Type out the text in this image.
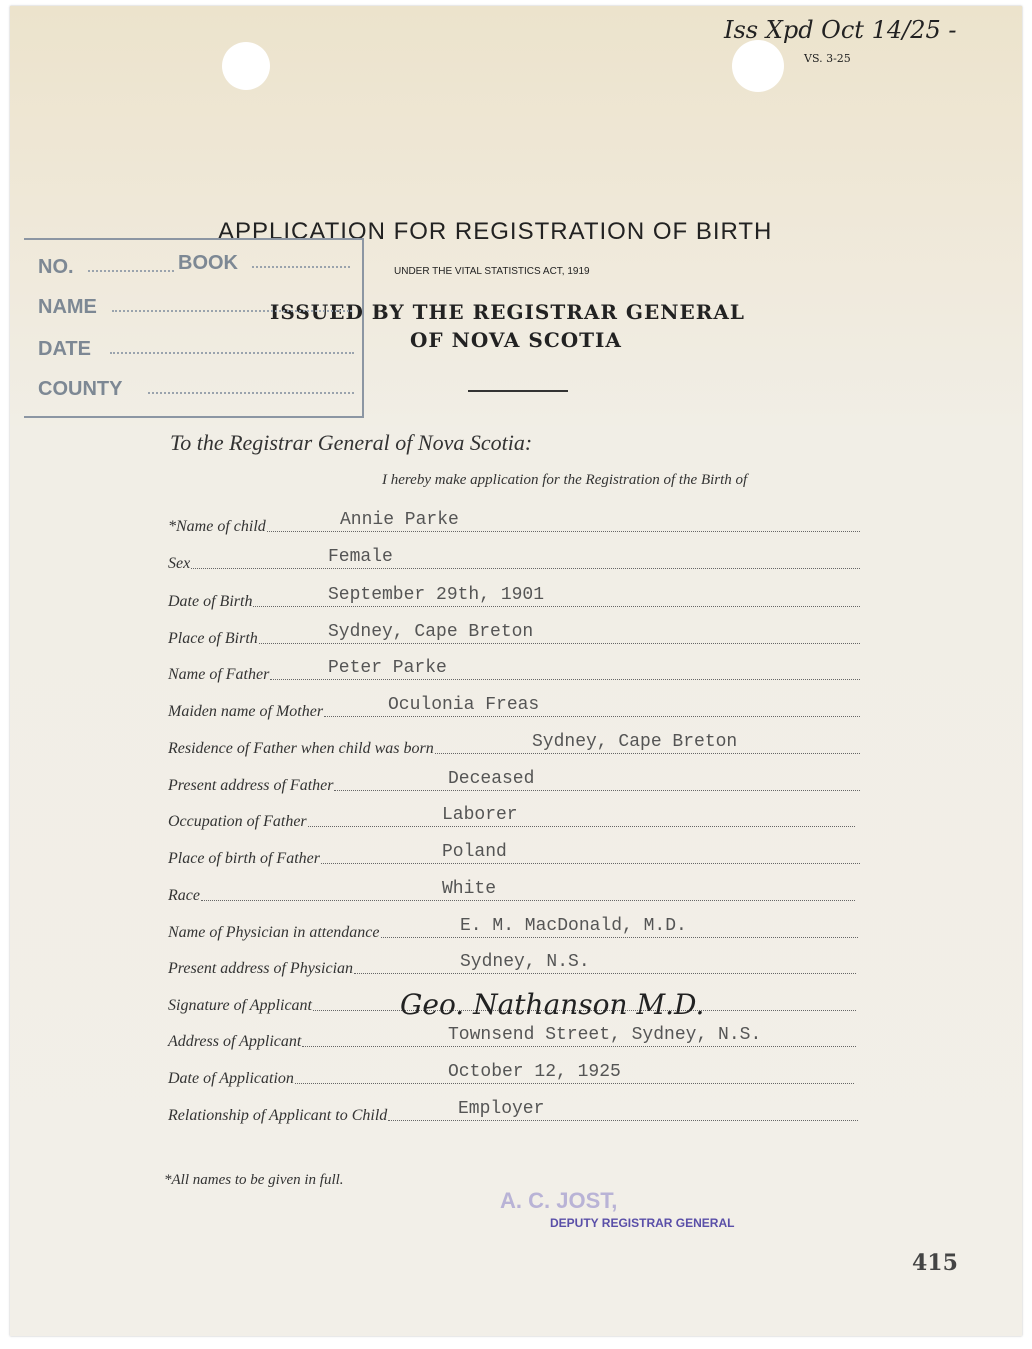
Iss Xpd Oct 14/25 -
VS. 3-25
APPLICATION FOR REGISTRATION OF BIRTH
UNDER THE VITAL STATISTICS ACT, 1919
ISSUED BY THE REGISTRAR GENERAL
OF NOVA SCOTIA
NO.	BOOK
NAME
DATE
COUNTY
To the Registrar General of Nova Scotia:
I hereby make application for the Registration of the Birth of
*Name of child	Annie Parke
Sex	Female
Date of Birth	September 29th, 1901
Place of Birth	Sydney, Cape Breton
Name of Father	Peter Parke
Maiden name of Mother	Oculonia Freas
Residence of Father when child was born	Sydney, Cape Breton
Present address of Father	Deceased
Occupation of Father	Laborer
Place of birth of Father	Poland
Race	White
Name of Physician in attendance	E. M. MacDonald, M.D.
Present address of Physician	Sydney, N.S.
Signature of Applicant	Geo. Nathanson M.D.
Address of Applicant	Townsend Street, Sydney, N.S.
Date of Application	October 12, 1925
Relationship of Applicant to Child	Employer
*All names to be given in full.
A. C. JOST,
DEPUTY REGISTRAR GENERAL
415
